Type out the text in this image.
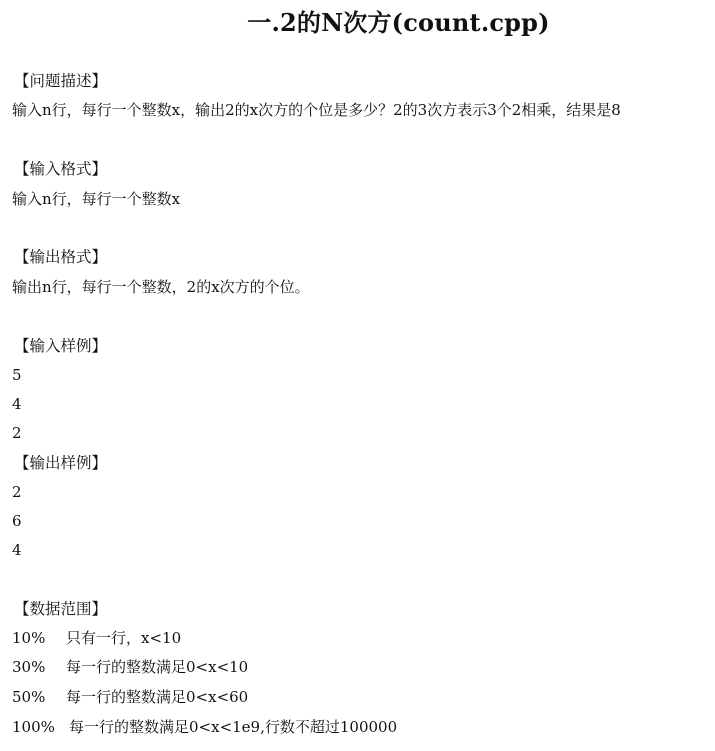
一.2的N次方(count.cpp)
【问题描述】
输入n行，每行一个整数x，输出2的x次方的个位是多少？2的3次方表示3个2相乘，结果是8
【输入格式】
输入n行，每行一个整数x
【输出格式】
输出n行，每行一个整数，2的x次方的个位。
【输入样例】
5
4
2
【输出样例】
2
6
4
【数据范围】
10% 只有一行，x<10
30% 每一行的整数满足0<x<10
50% 每一行的整数满足0<x<60
100% 每一行的整数满足0<x<1e9,行数不超过100000
